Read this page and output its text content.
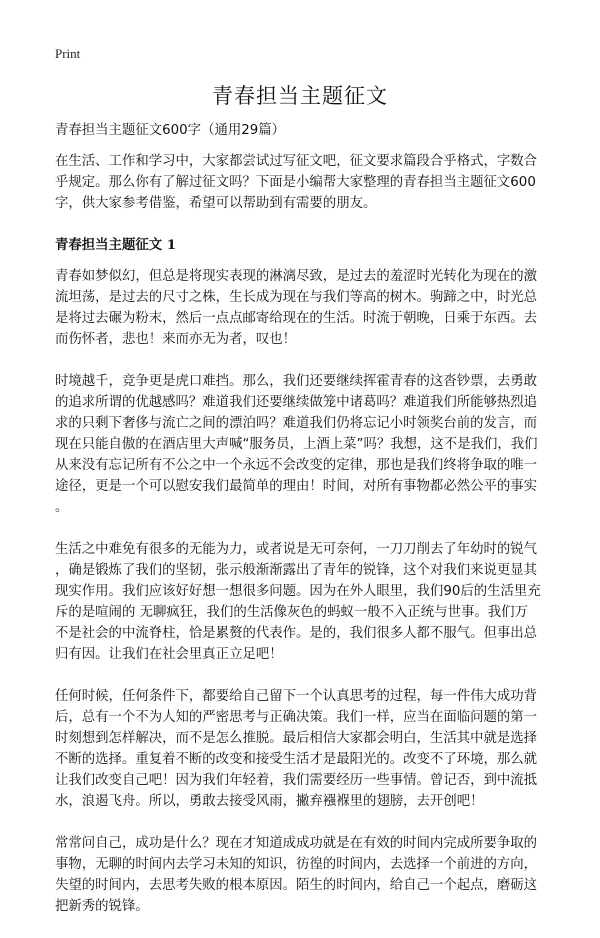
Print
青春担当主题征文
青春担当主题征文600字（通用29篇）
在生活、工作和学习中，大家都尝试过写征文吧，征文要求篇段合乎格式，字数合
乎规定。那么你有了解过征文吗？下面是小编帮大家整理的青春担当主题征文600
字，供大家参考借鉴，希望可以帮助到有需要的朋友。
青春担当主题征文 1
青春如梦似幻，但总是将现实表现的淋漓尽致，是过去的羞涩时光转化为现在的激
流坦荡，是过去的尺寸之株，生长成为现在与我们等高的树木。驹蹄之中，时光总
是将过去碾为粉末，然后一点点邮寄给现在的生活。时流于朝晚，日乘于东西。去
而伤怀者，悲也！来而亦无为者，叹也！
时境越千，竞争更是虎口难挡。那么，我们还要继续挥霍青春的这沓钞票，去勇敢
的追求所谓的优越感吗？难道我们还要继续做笼中诸葛吗？难道我们所能够热烈追
求的只剩下奢侈与流亡之间的漂泊吗？难道我们仍将忘记小时领奖台前的发言，而
现在只能自傲的在酒店里大声喊“服务员，上酒上菜”吗？我想，这不是我们，我们
从来没有忘记所有不公之中一个永远不会改变的定律，那也是我们终将争取的唯一
途径，更是一个可以慰安我们最简单的理由！时间，对所有事物都必然公平的事实
。
生活之中难免有很多的无能为力，或者说是无可奈何，一刀刀削去了年幼时的锐气
，确是锻炼了我们的坚韧，张示般渐渐露出了青年的锐锋，这个对我们来说更显其
现实作用。我们应该好好想一想很多问题。因为在外人眼里，我们90后的生活里充
斥的是喧闹的 无聊疯狂，我们的生活像灰色的蚂蚁一般不入正统与世事。我们万
不是社会的中流脊柱，恰是累赘的代表作。是的，我们很多人都不服气。但事出总
归有因。让我们在社会里真正立足吧！
任何时候，任何条件下，都要给自己留下一个认真思考的过程，每一件伟大成功背
后，总有一个不为人知的严密思考与正确决策。我们一样，应当在面临问题的第一
时刻想到怎样解决，而不是怎么推脱。最后相信大家都会明白，生活其中就是选择
不断的选择。重复着不断的改变和接受生活才是最阳光的。改变不了环境，那么就
让我们改变自己吧！因为我们年轻着，我们需要经历一些事情。曾记否，到中流抵
水，浪遏飞舟。所以，勇敢去接受风雨，撇弃襁褓里的翅膀，去开创吧！
常常问自己，成功是什么？现在才知道成成功就是在有效的时间内完成所要争取的
事物，无聊的时间内去学习未知的知识，彷徨的时间内，去选择一个前进的方向，
失望的时间内，去思考失败的根本原因。陌生的时间内，给自己一个起点，磨砺这
把新秀的锐锋。
